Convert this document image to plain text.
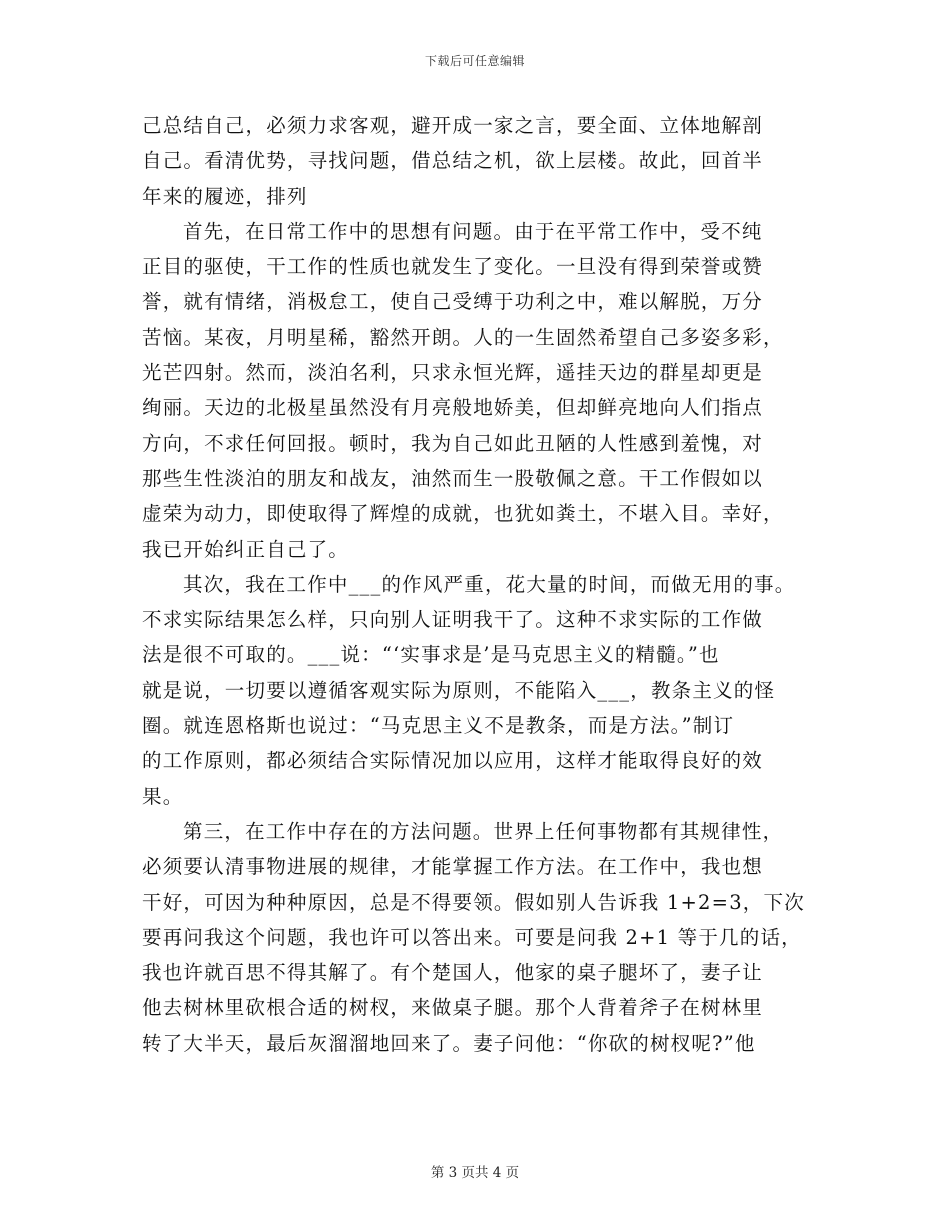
下载后可任意编辑
己总结自己，必须力求客观，避开成一家之言，要全面、立体地解剖
自己。看清优势，寻找问题，借总结之机，欲上层楼。故此，回首半
年来的履迹，排列
首先，在日常工作中的思想有问题。由于在平常工作中，受不纯
正目的驱使，干工作的性质也就发生了变化。一旦没有得到荣誉或赞
誉，就有情绪，消极怠工，使自己受缚于功利之中，难以解脱，万分
苦恼。某夜，月明星稀，豁然开朗。人的一生固然希望自己多姿多彩，
光芒四射。然而，淡泊名利，只求永恒光辉，遥挂天边的群星却更是
绚丽。天边的北极星虽然没有月亮般地娇美，但却鲜亮地向人们指点
方向，不求任何回报。顿时，我为自己如此丑陋的人性感到羞愧，对
那些生性淡泊的朋友和战友，油然而生一股敬佩之意。干工作假如以
虚荣为动力，即使取得了辉煌的成就，也犹如粪土，不堪入目。幸好，
我已开始纠正自己了。
其次，我在工作中___的作风严重，花大量的时间，而做无用的事。
不求实际结果怎么样，只向别人证明我干了。这种不求实际的工作做
法是很不可取的。___说：“‘实事求是’是马克思主义的精髓。”也
就是说，一切要以遵循客观实际为原则，不能陷入___，教条主义的怪
圈。就连恩格斯也说过：“马克思主义不是教条，而是方法。”制订
的工作原则，都必须结合实际情况加以应用，这样才能取得良好的效
果。
第三，在工作中存在的方法问题。世界上任何事物都有其规律性，
必须要认清事物进展的规律，才能掌握工作方法。在工作中，我也想
干好，可因为种种原因，总是不得要领。假如别人告诉我 1+2=3，下次
要再问我这个问题，我也许可以答出来。可要是问我 2+1 等于几的话，
我也许就百思不得其解了。有个楚国人，他家的桌子腿坏了，妻子让
他去树林里砍根合适的树杈，来做桌子腿。那个人背着斧子在树林里
转了大半天，最后灰溜溜地回来了。妻子问他：“你砍的树杈呢?”他
第 3 页共 4 页
